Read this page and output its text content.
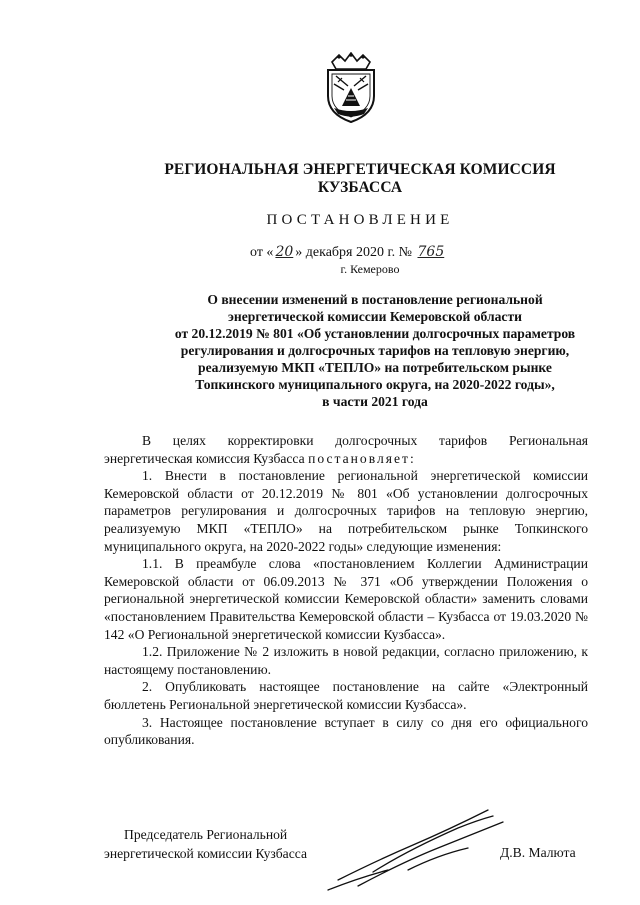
РЕГИОНАЛЬНАЯ ЭНЕРГЕТИЧЕСКАЯ КОМИССИЯ
КУЗБАССА
ПОСТАНОВЛЕНИЕ
от « 20 » декабря 2020 г. № 765
г. Кемерово
О внесении изменений в постановление региональной
энергетической комиссии Кемеровской области
от 20.12.2019 № 801 «Об установлении долгосрочных параметров
регулирования и долгосрочных тарифов на тепловую энергию,
реализуемую МКП «ТЕПЛО» на потребительском рынке
Топкинского муниципального округа, на 2020-2022 годы»,
в части 2021 года

В целях корректировки долгосрочных тарифов Региональная энергетическая комиссия Кузбасса постановляет:

1. Внести в постановление региональной энергетической комиссии Кемеровской области от 20.12.2019 № 801 «Об установлении долгосрочных параметров регулирования и долгосрочных тарифов на тепловую энергию, реализуемую МКП «ТЕПЛО» на потребительском рынке Топкинского муниципального округа, на 2020-2022 годы» следующие изменения:

1.1. В преамбуле слова «постановлением Коллегии Администрации Кемеровской области от 06.09.2013 № 371 «Об утверждении Положения о региональной энергетической комиссии Кемеровской области» заменить словами «постановлением Правительства Кемеровской области – Кузбасса от 19.03.2020 № 142 «О Региональной энергетической комиссии Кузбасса».

1.2. Приложение № 2 изложить в новой редакции, согласно приложению, к настоящему постановлению.

2. Опубликовать настоящее постановление на сайте «Электронный бюллетень Региональной энергетической комиссии Кузбасса».

3. Настоящее постановление вступает в силу со дня его официального опубликования.

Председатель Региональной
энергетической комиссии Кузбасса	Д.В. Малюта
